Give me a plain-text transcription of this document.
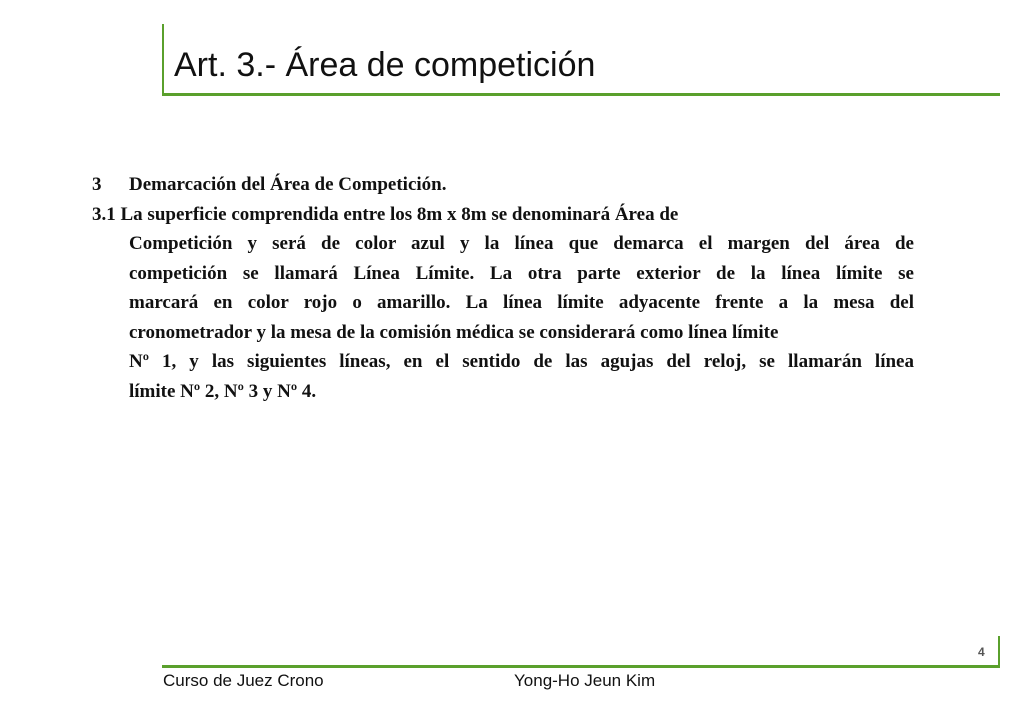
Art. 3.- Área de competición
3 Demarcación del Área de Competición.
3.1 La superficie comprendida entre los 8m x 8m se denominará Área de
Competición y será de color azul y la línea que demarca el margen del área de
competición se llamará Línea Límite. La otra parte exterior de la línea límite se
marcará en color rojo o amarillo. La línea límite adyacente frente a la mesa del
cronometrador y la mesa de la comisión médica se considerará como línea límite
Nº 1, y las siguientes líneas, en el sentido de las agujas del reloj, se llamarán línea
límite Nº 2, Nº 3 y Nº 4.
4
Curso de Juez Crono	Yong-Ho Jeun Kim
